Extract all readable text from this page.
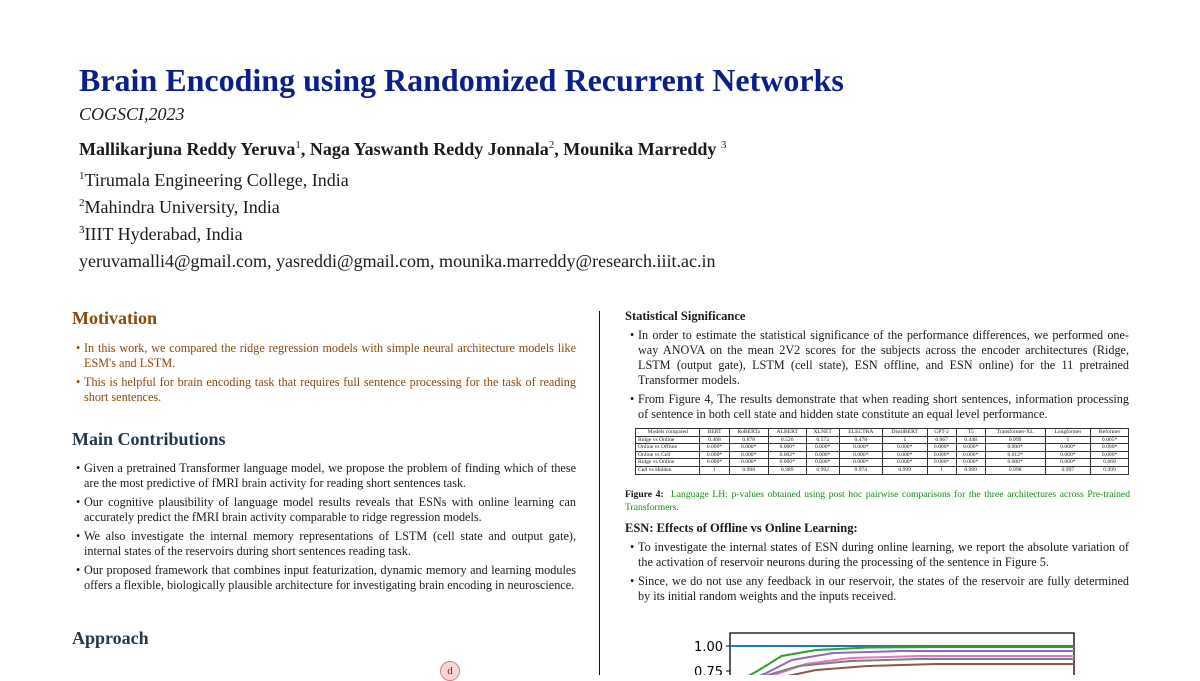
Brain Encoding using Randomized Recurrent Networks
COGSCI,2023
Mallikarjuna Reddy Yeruva$^1$, Naga Yaswanth Reddy Jonnala$^2$, Mounika Marreddy $^3$
$^1$Tirumala Engineering College, India
$^2$Mahindra University, India
$^3$IIIT Hyderabad, India
yeruvamalli4@gmail.com, yasreddi@gmail.com, mounika.marreddy@research.iiit.ac.in
Motivation
• In this work, we compared the ridge regression models with simple neural architecture models like ESM's and LSTM.
• This is helpful for brain encoding task that requires full sentence processing for the task of reading short sentences.
Main Contributions
• Given a pretrained Transformer language model, we propose the problem of finding which of these are the most predictive of fMRI brain activity for reading short sentences task.
• Our cognitive plausibility of language model results reveals that ESNs with online learning can accurately predict the fMRI brain activity comparable to ridge regression models.
• We also investigate the internal memory representations of LSTM (cell state and output gate), internal states of the reservoirs during short sentences reading task.
• Our proposed framework that combines input featurization, dynamic memory and learning modules offers a flexible, biologically plausible architecture for investigating brain encoding in neuroscience.
Approach
d
Statistical Significance
• In order to estimate the statistical significance of the performance differences, we performed one-way ANOVA on the mean 2V2 scores for the subjects across the encoder architectures (Ridge, LSTM (output gate), LSTM (cell state), ESN offline, and ESN online) for the 11 pretrained Transformer models.
• From Figure 4, The results demonstrate that when reading short sentences, information processing of sentence in both cell state and hidden state constitute an equal level performance.
Models compared	BERT	RoBERTa	ALBERT	XLNET	ELECTRA	DistilBERT	GPT-2	T5	Transformer-XL	Longformer	Reformer
Ridge vs Online	0.468	0.878	0.526	0.573	0.478	1	0.967	0.448	0.999	1	0.005*
Online vs Offline	0.000*	0.000*	0.000*	0.000*	0.000*	0.000*	0.000*	0.000*	0.000*	0.000*	0.000*
Online vs Cell	0.000*	0.000*	0.002*	0.006*	0.006*	0.000*	0.006*	0.000*	0.012*	0.000*	0.000*
Ridge vs Online	0.000*	0.000*	0.000*	0.000*	0.000*	0.000*	0.000*	0.000*	0.000*	0.000*	0.068
Cell vs Hidden	1	0.998	0.989	0.992	0.974	0.999	1	0.999	0.998	0.997	0.999
Figure 4: Language LH: p-values obtained using post hoc pairwise comparisons for the three architectures across Pre-trained Transformers.
ESN: Effects of Offline vs Online Learning:
• To investigate the internal states of ESN during online learning, we report the absolute variation of the activation of reservoir neurons during the processing of the sentence in Figure 5.
• Since, we do not use any feedback in our reservoir, the states of the reservoir are fully determined by its initial random weights and the inputs received.
1.00
0.75
